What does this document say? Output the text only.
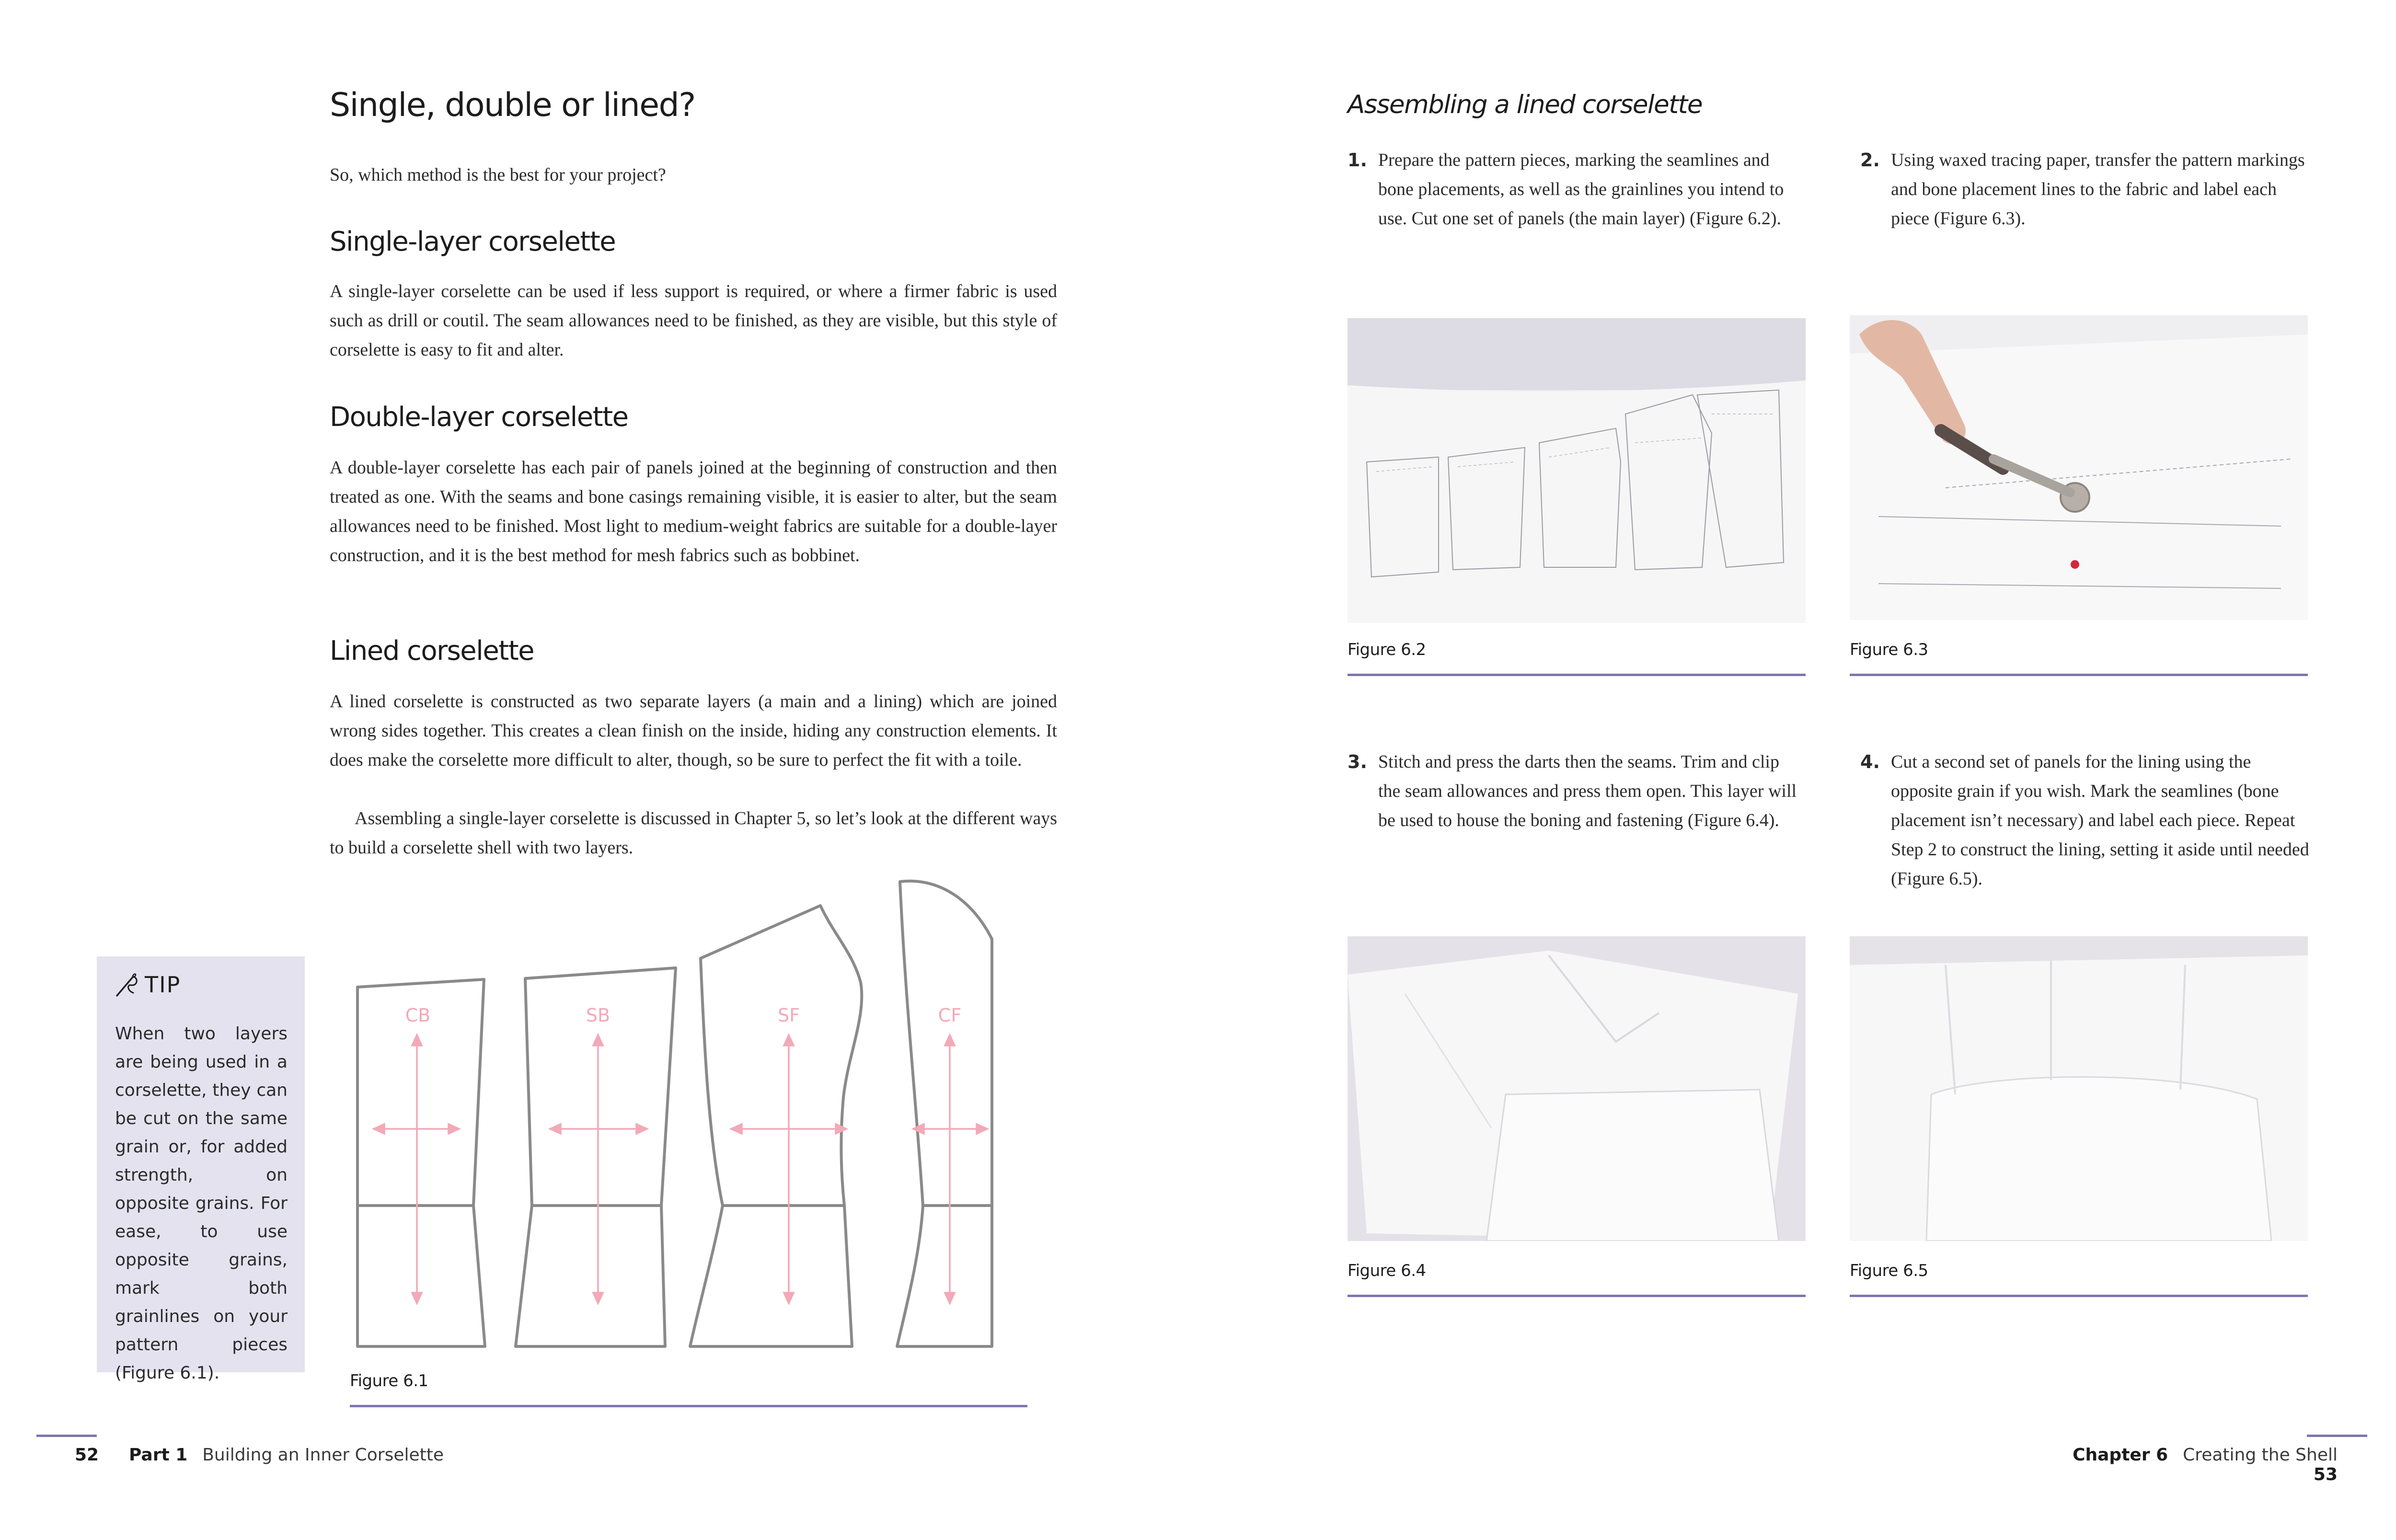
Single, double or lined?
So, which method is the best for your project?
Single-layer corselette
A single-layer corselette can be used if less support is required, or where a firmer fabric is used such as drill or coutil. The seam allowances need to be finished, as they are visible, but this style of corselette is easy to fit and alter.
Double-layer corselette
A double-layer corselette has each pair of panels joined at the beginning of construction and then treated as one. With the seams and bone casings remaining visible, it is easier to alter, but the seam allowances need to be finished. Most light to medium-weight fabrics are suitable for a double-layer construction, and it is the best method for mesh fabrics such as bobbinet.
Lined corselette
A lined corselette is constructed as two separate layers (a main and a lining) which are joined wrong sides together. This creates a clean finish on the inside, hiding any construction elements. It does make the corselette more difficult to alter, though, so be sure to perfect the fit with a toile.
Assembling a single-layer corselette is discussed in Chapter 5, so let’s look at the different ways to build a corselette shell with two layers.
TIP
When two layers are being used in a corselette, they can be cut on the same grain or, for added strength, on opposite grains. For ease, to use opposite grains, mark both grainlines on your pattern pieces (Figure 6.1).
CB	SB	SF	CF
Figure 6.1
52 Part 1 Building an Inner Corselette
Assembling a lined corselette
1. Prepare the pattern pieces, marking the seamlines and bone placements, as well as the grainlines you intend to use. Cut one set of panels (the main layer) (Figure 6.2).
2. Using waxed tracing paper, transfer the pattern markings and bone placement lines to the fabric and label each piece (Figure 6.3).
Figure 6.2	Figure 6.3
3. Stitch and press the darts then the seams. Trim and clip the seam allowances and press them open. This layer will be used to house the boning and fastening (Figure 6.4).
4. Cut a second set of panels for the lining using the opposite grain if you wish. Mark the seamlines (bone placement isn’t necessary) and label each piece. Repeat Step 2 to construct the lining, setting it aside until needed (Figure 6.5).
Figure 6.4	Figure 6.5
Chapter 6 Creating the Shell  53
